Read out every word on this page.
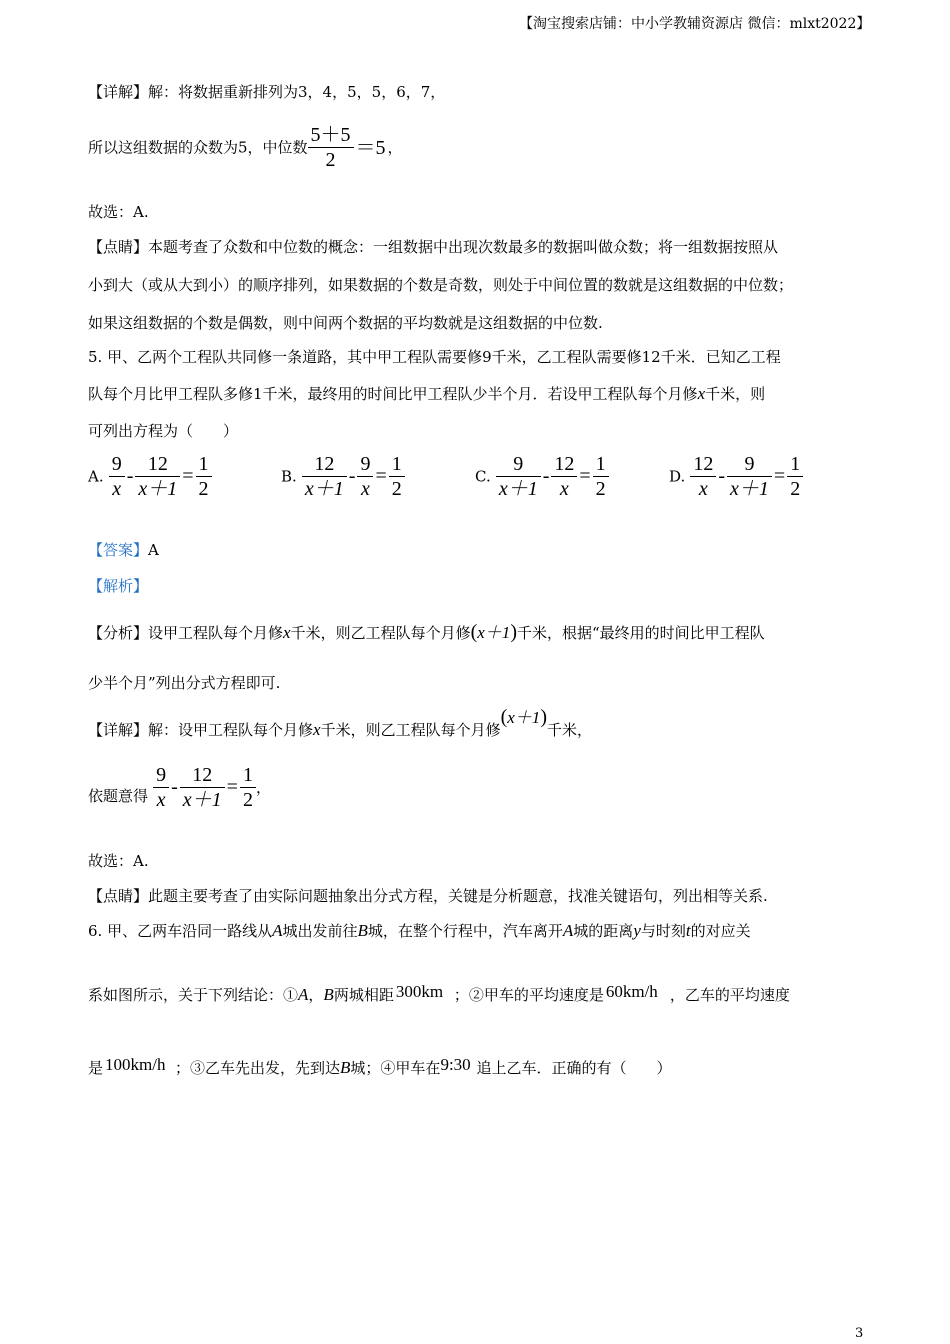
【淘宝搜索店铺：中小学教辅资源店 微信：mlxt2022】
【详解】解：将数据重新排列为3，4，5，5，6，7，
所以这组数据的众数为5，中位数 $\frac{5+5}{2} =5$ ，
故选：A.
【点睛】本题考查了众数和中位数的概念：一组数据中出现次数最多的数据叫做众数；将一组数据按照从
小到大（或从大到小）的顺序排列，如果数据的个数是奇数，则处于中间位置的数就是这组数据的中位数；
如果这组数据的个数是偶数，则中间两个数据的平均数就是这组数据的中位数.
5. 甲、乙两个工程队共同修一条道路，其中甲工程队需要修9千米，乙工程队需要修12千米．已知乙工程
队每个月比甲工程队多修1千米，最终用的时间比甲工程队少半个月．若设甲工程队每个月修x千米，则
可列出方程为（　　）
A. $\frac{9}{x} - \frac{12}{x+1} = \frac{1}{2}$	B. $\frac{12}{x+1} - \frac{9}{x} = \frac{1}{2}$	C. $\frac{9}{x+1} - \frac{12}{x} = \frac{1}{2}$	D. $\frac{12}{x} - \frac{9}{x+1} = \frac{1}{2}$
【答案】A
【解析】
【分析】设甲工程队每个月修x千米，则乙工程队每个月修(x＋1)千米，根据“最终用的时间比甲工程队
少半个月”列出分式方程即可.
【详解】解：设甲工程队每个月修x千米，则乙工程队每个月修(x＋1)千米，
依题意得 $\frac{9}{x} - \frac{12}{x+1} = \frac{1}{2}$ ，
故选：A.
【点睛】此题主要考查了由实际问题抽象出分式方程，关键是分析题意，找准关键语句，列出相等关系.
6. 甲、乙两车沿同一路线从A城出发前往B城，在整个行程中，汽车离开A城的距离y与时刻t的对应关
系如图所示，关于下列结论：①A，B两城相距 300km ；②甲车的平均速度是 60km/h ，乙车的平均速度
是 100km/h ；③乙车先出发，先到达B城；④甲车在 9:30 追上乙车．正确的有（　　）
3
